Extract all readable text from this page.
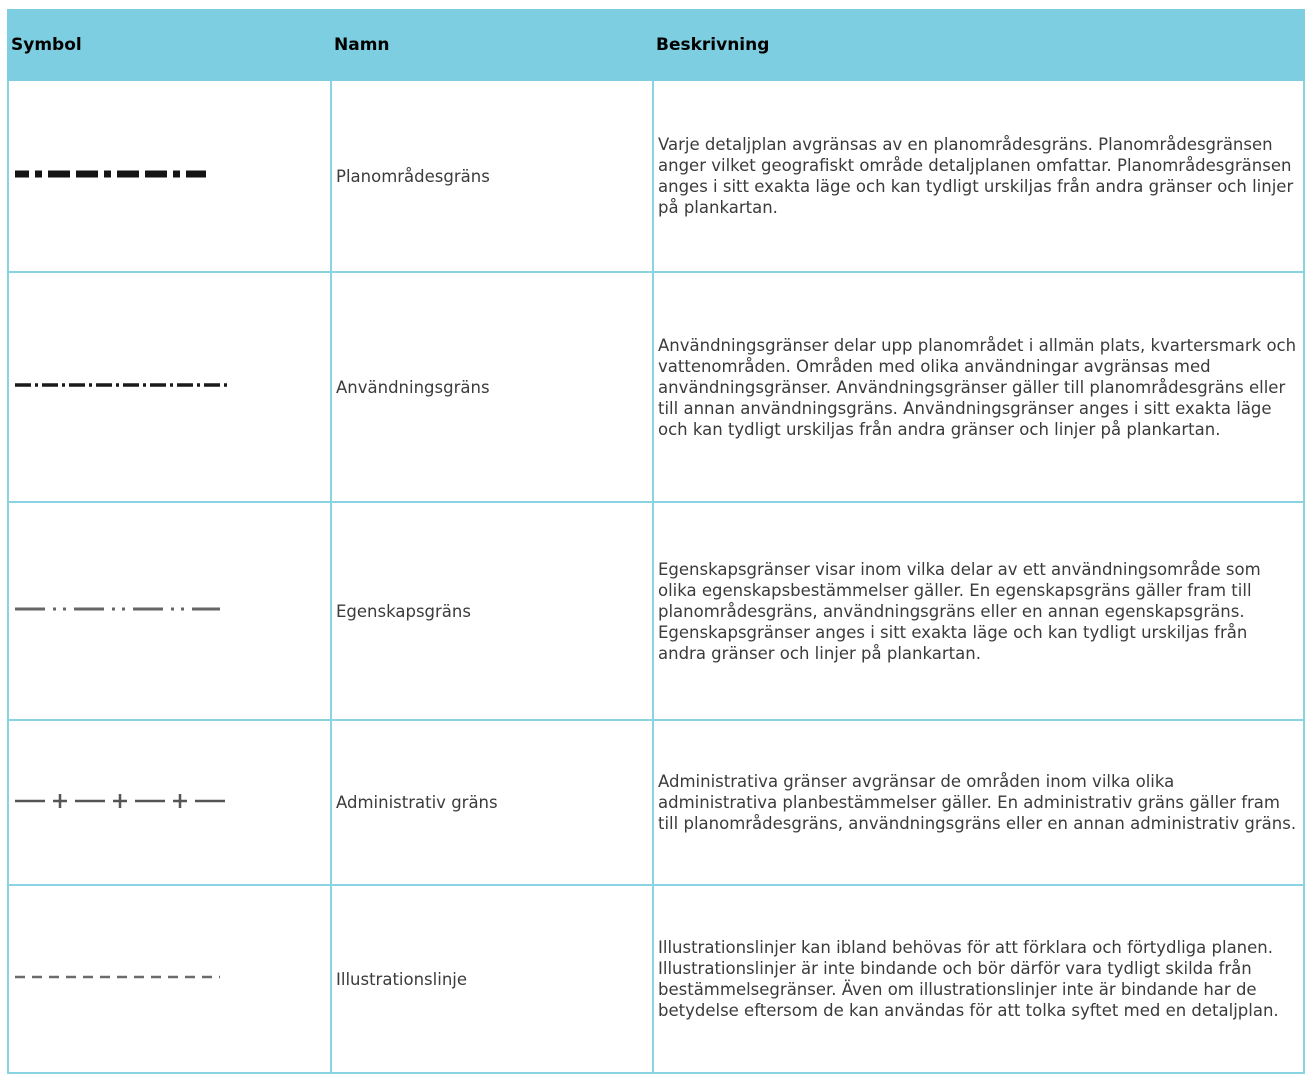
Symbol	Namn	Beskrivning

	Planområdesgräns	Varje detaljplan avgränsas av en planområdesgräns. Planområdesgränsen anger vilket geografiskt område detaljplanen omfattar. Planområdesgränsen anges i sitt exakta läge och kan tydligt urskiljas från andra gränser och linjer på plankartan.

	Användningsgräns	Användningsgränser delar upp planområdet i allmän plats, kvartersmark och vattenområden. Områden med olika användningar avgränsas med användningsgränser. Användningsgränser gäller till planområdesgräns eller till annan användningsgräns. Användningsgränser anges i sitt exakta läge och kan tydligt urskiljas från andra gränser och linjer på plankartan.

	Egenskapsgräns	Egenskapsgränser visar inom vilka delar av ett användningsområde som olika egenskapsbestämmelser gäller. En egenskapsgräns gäller fram till planområdesgräns, användningsgräns eller en annan egenskapsgräns. Egenskapsgränser anges i sitt exakta läge och kan tydligt urskiljas från andra gränser och linjer på plankartan.

	Administrativ gräns	Administrativa gränser avgränsar de områden inom vilka olika administrativa planbestämmelser gäller. En administrativ gräns gäller fram till planområdesgräns, användningsgräns eller en annan administrativ gräns.

	Illustrationslinje	Illustrationslinjer kan ibland behövas för att förklara och förtydliga planen. Illustrationslinjer är inte bindande och bör därför vara tydligt skilda från bestämmelsegränser. Även om illustrationslinjer inte är bindande har de betydelse eftersom de kan användas för att tolka syftet med en detaljplan.
